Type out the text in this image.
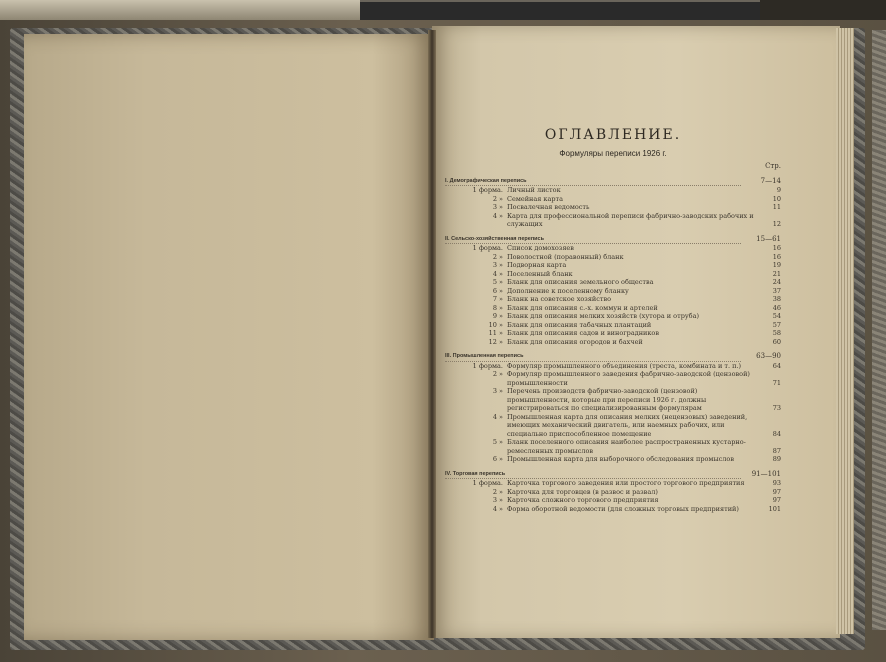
ОГЛАВЛЕНИЕ.
Формуляры переписи 1926 г.
Стр.
I. Демографическая перепись	7—14
1 форма. Личный листок	9
2 » Семейная карта	10
3 » Посвалечная ведомость	11
4 » Карта для профессиональной переписи фабрично-заводских рабочих и служащих	12
II. Сельско-хозяйственная перепись	15—61
1 форма. Список домохозяев	16
2 » Поволостной (поравонный) бланк	16
3 » Подворная карта	19
4 » Поселенный бланк	21
5 » Бланк для описания земельного общества	24
6 » Дополнение к поселенному бланку	37
7 » Бланк на советское хозяйство	38
8 » Бланк для описания с.-х. коммун и артелей	46
9 » Бланк для описания мелких хозяйств (хутора и отруба)	54
10 » Бланк для описания табачных плантаций	57
11 » Бланк для описания садов и виноградников	58
12 » Бланк для описания огородов и бахчей	60
III. Промышленная перепись	63—90
1 форма. Формуляр промышленного объединения (треста, комбината и т. п.)	64
2 » Формуляр промышленного заведения фабрично-заводской (цензовой) промышленности	71
3 » Перечень производств фабрично-заводской (цензовой) промышленности, которые при переписи 1926 г. должны регистрироваться по специализированным формулярам	73
4 » Промышленная карта для описания мелких (нецензовых) заведений, имеющих механический двигатель, или наемных рабочих, или специально приспособленное помещение	84
5 » Бланк поселенного описания наиболее распространенных кустарно-ремесленных промыслов	87
6 » Промышленная карта для выборочного обследования промыслов	89
IV. Торговая перепись	91—101
1 форма. Карточка торгового заведения или простого торгового предприятия	93
2 » Карточка для торговцев (в развос и развал)	97
3 » Карточка сложного торгового предприятия	97
4 » Форма оборотной ведомости (для сложных торговых предприятий)	101
